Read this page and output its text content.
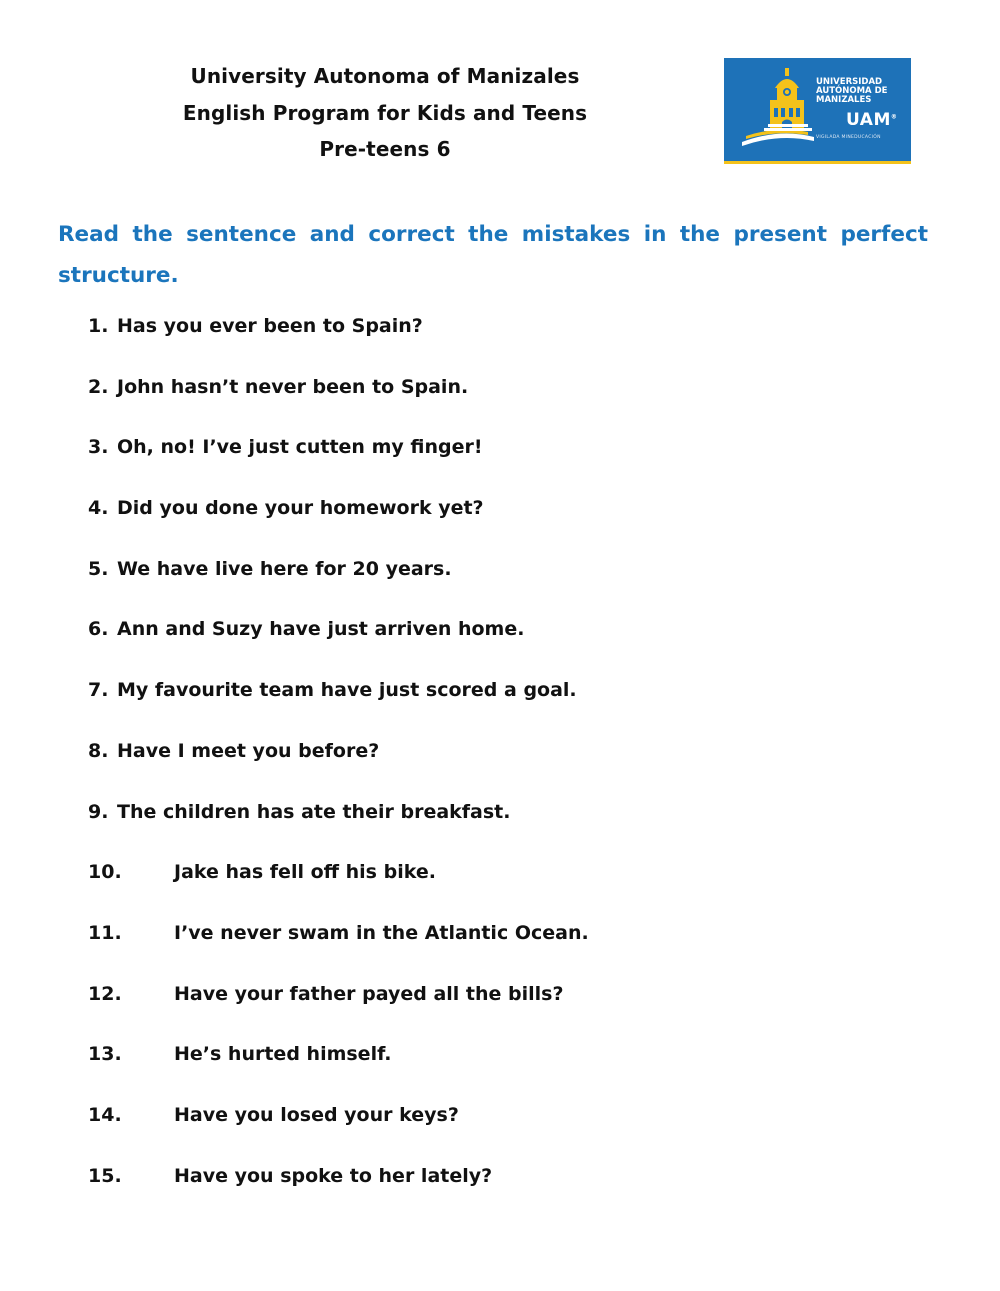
University Autonoma of Manizales
English Program for Kids and Teens
Pre-teens 6
UNIVERSIDAD
AUTÓNOMA DE
MANIZALES
UAM®
VIGILADA MINEDUCACIÓN
Read the sentence and correct the mistakes in the present perfect structure.
1. Has you ever been to Spain?
2. John hasn’t never been to Spain.
3. Oh, no! I’ve just cutten my finger!
4. Did you done your homework yet?
5. We have live here for 20 years.
6. Ann and Suzy have just arriven home.
7. My favourite team have just scored a goal.
8. Have I meet you before?
9. The children has ate their breakfast.
10.	Jake has fell off his bike.
11.	I’ve never swam in the Atlantic Ocean.
12.	Have your father payed all the bills?
13.	He’s hurted himself.
14.	Have you losed your keys?
15.	Have you spoke to her lately?
